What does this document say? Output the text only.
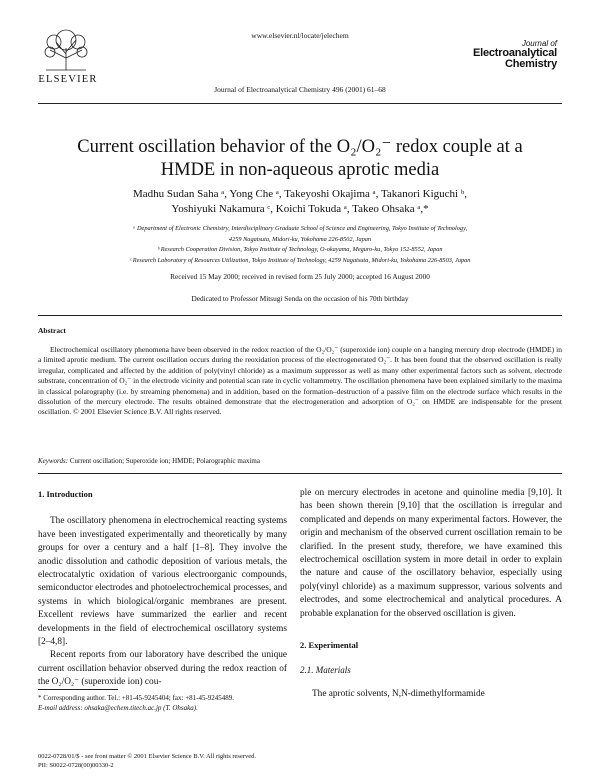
ELSEVIER
www.elsevier.nl/locate/jelechem
Journal of
Electroanalytical
Chemistry
Journal of Electroanalytical Chemistry 496 (2001) 61–68
Current oscillation behavior of the O₂/O₂⁻ redox couple at a
HMDE in non-aqueous aprotic media
Madhu Sudan Saha ᵃ, Yong Che ᵃ, Takeyoshi Okajima ᵃ, Takanori Kiguchi ᵇ,
Yoshiyuki Nakamura ᶜ, Koichi Tokuda ᵃ, Takeo Ohsaka ᵃ,*
ᵃ Department of Electronic Chemistry, Interdisciplinary Graduate School of Science and Engineering, Tokyo Institute of Technology,
4259 Nagatsuta, Midori-ku, Yokohama 226-8502, Japan
ᵇ Research Cooperation Division, Tokyo Institute of Technology, O-okayama, Meguro-ku, Tokyo 152-8552, Japan
ᶜ Research Laboratory of Resources Utilization, Tokyo Institute of Technology, 4259 Nagatsuta, Midori-ku, Yokohama 226-8503, Japan
Received 15 May 2000; received in revised form 25 July 2000; accepted 16 August 2000
Dedicated to Professor Mitsugi Senda on the occasion of his 70th birthday
Abstract
Electrochemical oscillatory phenomena have been observed in the redox reaction of the O₂/O₂⁻ (superoxide ion) couple on a hanging mercury drop electrode (HMDE) in a limited aprotic medium. The current oscillation occurs during the reoxidation process of the electrogenerated O₂⁻. It has been found that the observed oscillation is really irregular, complicated and affected by the addition of poly(vinyl chloride) as a maximum suppressor as well as many other experimental factors such as solvent, electrode substrate, concentration of O₂⁻ in the electrode vicinity and potential scan rate in cyclic voltammetry. The oscillation phenomena have been explained similarly to the maxima in classical polarography (i.e. by streaming phenomena) and in addition, based on the formation–destruction of a passive film on the electrode surface which results in the dissolution of the mercury electrode. The results obtained demonstrate that the electrogeneration and adsorption of O₂⁻ on HMDE are indispensable for the present oscillation. © 2001 Elsevier Science B.V. All rights reserved.
Keywords: Current oscillation; Superoxide ion; HMDE; Polarographic maxima
1. Introduction

The oscillatory phenomena in electrochemical reacting systems have been investigated experimentally and theoretically by many groups for over a century and a half [1–8]. They involve the anodic dissolution and cathodic deposition of various metals, the electrocatalytic oxidation of various electroorganic compounds, semiconductor electrodes and photoelectrochemical processes, and systems in which biological/organic membranes are present. Excellent reviews have summarized the earlier and recent developments in the field of electrochemical oscillatory systems [2–4,8].

Recent reports from our laboratory have described the unique current oscillation behavior observed during the redox reaction of the O₂/O₂⁻ (superoxide ion) cou-

ple on mercury electrodes in acetone and quinoline media [9,10]. It has been shown therein [9,10] that the oscillation is irregular and complicated and depends on many experimental factors. However, the origin and mechanism of the observed current oscillation remain to be clarified. In the present study, therefore, we have examined this electrochemical oscillation system in more detail in order to explain the nature and cause of the oscillatory behavior, especially using poly(vinyl chloride) as a maximum suppressor, various solvents and electrodes, and some electrochemical and analytical procedures. A probable explanation for the observed oscillation is given.

2. Experimental
2.1. Materials

The aprotic solvents, N,N-dimethylformamide

* Corresponding author. Tel.: +81-45-9245404; fax: +81-45-9245489.
E-mail address: ohsaka@echem.titech.ac.jp (T. Ohsaka).
0022-0728/01/$ - see front matter © 2001 Elsevier Science B.V. All rights reserved.
PII: S0022-0728(00)00330-2
